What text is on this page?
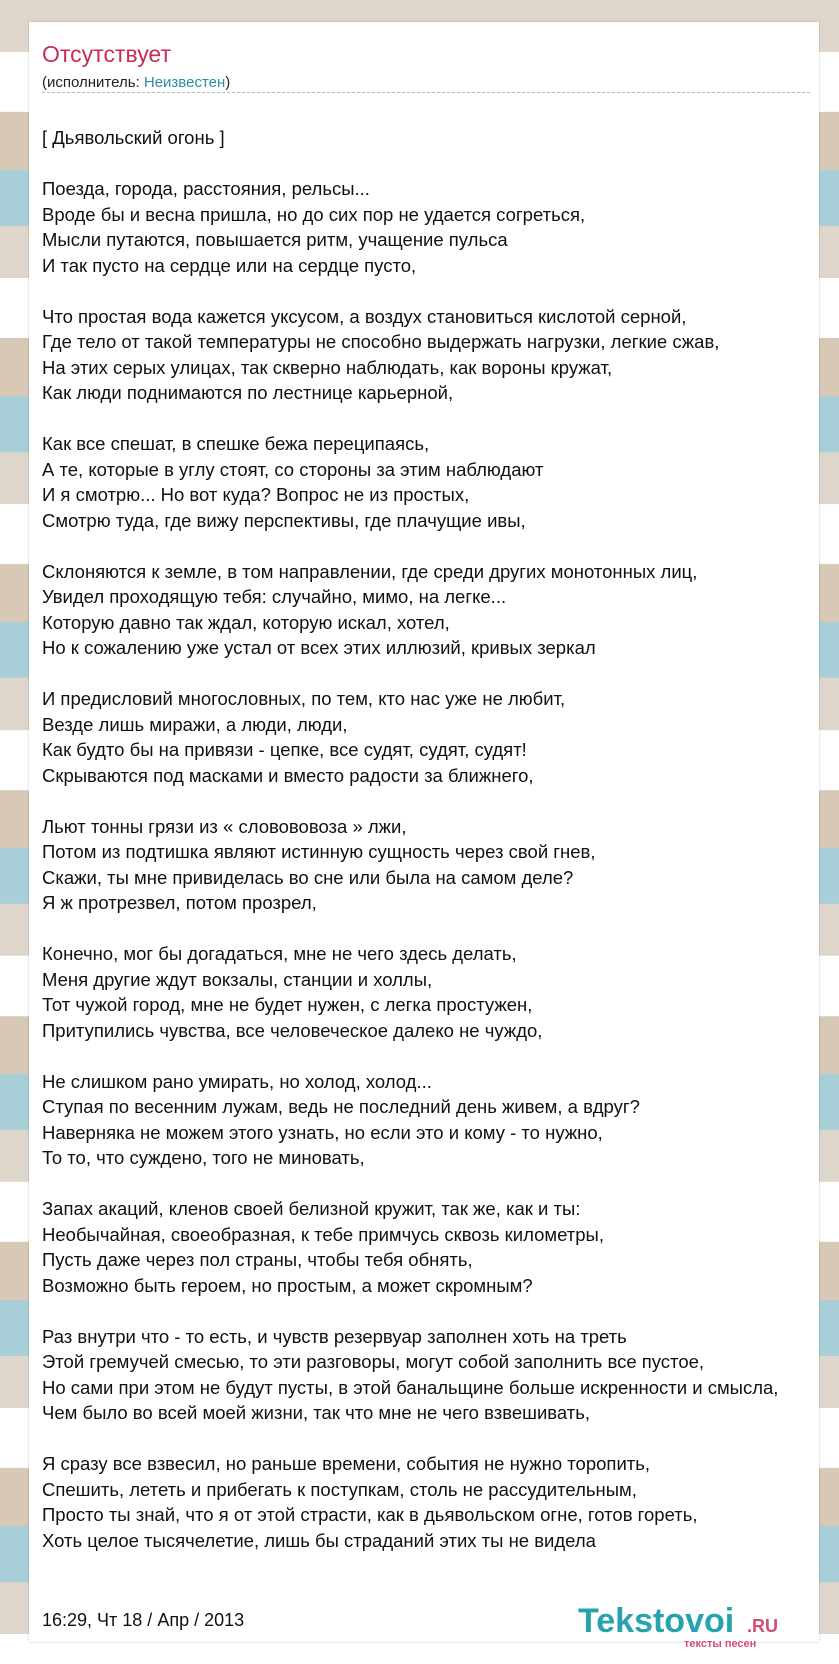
Отсутствует
(исполнитель: Неизвестен)
[ Дьявольский огонь ]

Поезда, города, расстояния, рельсы...
Вроде бы и весна пришла, но до сих пор не удается согреться,
Мысли путаются, повышается ритм, учащение пульса
И так пусто на сердце или на сердце пусто,

Что простая вода кажется уксусом, а воздух становиться кислотой серной,
Где тело от такой температуры не способно выдержать нагрузки, легкие сжав,
На этих серых улицах, так скверно наблюдать, как вороны кружат,
Как люди поднимаются по лестнице карьерной,

Как все спешат, в спешке бежа переципаясь,
А те, которые в углу стоят, со стороны за этим наблюдают
И я смотрю... Но вот куда? Вопрос не из простых,
Смотрю туда, где вижу перспективы, где плачущие ивы,

Склоняются к земле, в том направлении, где среди других монотонных лиц,
Увидел проходящую тебя: случайно, мимо, на легке...
Которую давно так ждал, которую искал, хотел,
Но к сожалению уже устал от всех этих иллюзий, кривых зеркал

И предисловий многословных, по тем, кто нас уже не любит,
Везде лишь миражи, а люди, люди,
Как будто бы на привязи - цепке, все судят, судят, судят!
Скрываются под масками и вместо радости за ближнего,

Льют тонны грязи из « словововоза » лжи,
Потом из подтишка являют истинную сущность через свой гнев,
Скажи, ты мне привиделась во сне или была на самом деле?
Я ж протрезвел, потом прозрел,

Конечно, мог бы догадаться, мне не чего здесь делать,
Меня другие ждут вокзалы, станции и холлы,
Тот чужой город, мне не будет нужен, с легка простужен,
Притупились чувства, все человеческое далеко не чуждо,

Не слишком рано умирать, но холод, холод...
Ступая по весенним лужам, ведь не последний день живем, а вдруг?
Наверняка не можем этого узнать, но если это и кому - то нужно,
То то, что суждено, того не миновать,

Запах акаций, кленов своей белизной кружит, так же, как и ты:
Необычайная, своеобразная, к тебе примчусь сквозь километры,
Пусть даже через пол страны, чтобы тебя обнять,
Возможно быть героем, но простым, а может скромным?

Раз внутри что - то есть, и чувств резервуар заполнен хоть на треть
Этой гремучей смесью, то эти разговоры, могут собой заполнить все пустое,
Но сами при этом не будут пусты, в этой банальщине больше искренности и смысла,
Чем было во всей моей жизни, так что мне не чего взвешивать,

Я сразу все взвесил, но раньше времени, события не нужно торопить,
Спешить, лететь и прибегать к поступкам, столь не рассудительным,
Просто ты знай, что я от этой страсти, как в дьявольском огне, готов гореть,
Хоть целое тысячелетие, лишь бы страданий этих ты не видела
16:29, Чт 18 / Апр / 2013	Tekstovoi .RU
тексты песен
